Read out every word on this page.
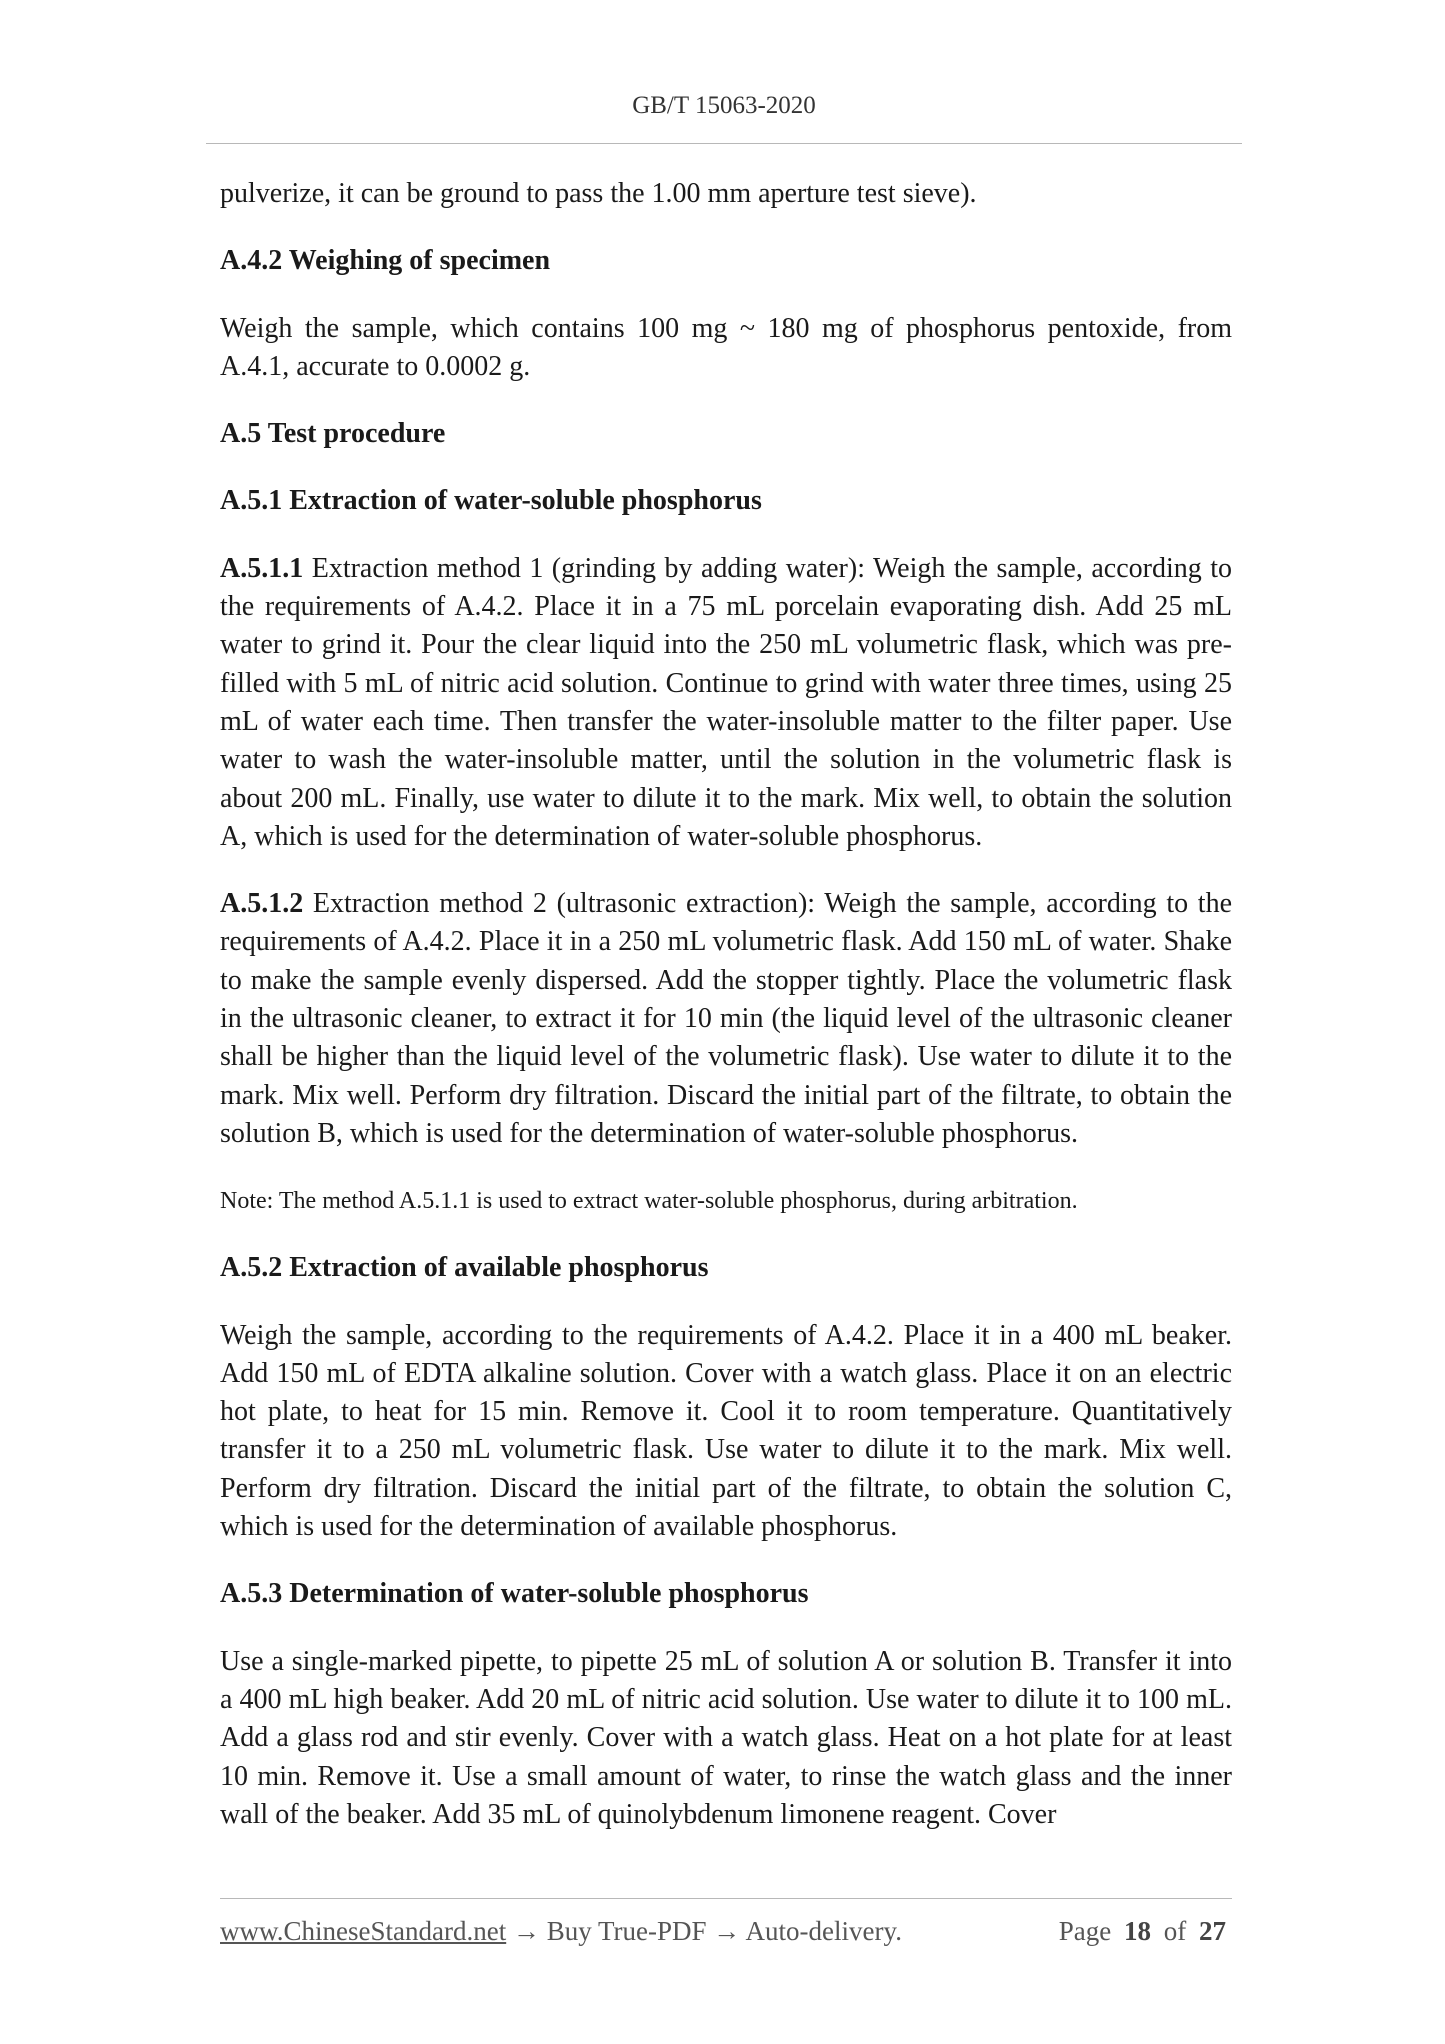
GB/T 15063-2020

pulverize, it can be ground to pass the 1.00 mm aperture test sieve).

A.4.2 Weighing of specimen

Weigh the sample, which contains 100 mg ~ 180 mg of phosphorus pentoxide, from A.4.1, accurate to 0.0002 g.

A.5 Test procedure
A.5.1 Extraction of water-soluble phosphorus

A.5.1.1 Extraction method 1 (grinding by adding water): Weigh the sample, according to the requirements of A.4.2. Place it in a 75 mL porcelain evaporating dish. Add 25 mL water to grind it. Pour the clear liquid into the 250 mL volumetric flask, which was pre-filled with 5 mL of nitric acid solution. Continue to grind with water three times, using 25 mL of water each time. Then transfer the water-insoluble matter to the filter paper. Use water to wash the water-insoluble matter, until the solution in the volumetric flask is about 200 mL. Finally, use water to dilute it to the mark. Mix well, to obtain the solution A, which is used for the determination of water-soluble phosphorus.

A.5.1.2 Extraction method 2 (ultrasonic extraction): Weigh the sample, according to the requirements of A.4.2. Place it in a 250 mL volumetric flask. Add 150 mL of water. Shake to make the sample evenly dispersed. Add the stopper tightly. Place the volumetric flask in the ultrasonic cleaner, to extract it for 10 min (the liquid level of the ultrasonic cleaner shall be higher than the liquid level of the volumetric flask). Use water to dilute it to the mark. Mix well. Perform dry filtration. Discard the initial part of the filtrate, to obtain the solution B, which is used for the determination of water-soluble phosphorus.

Note: The method A.5.1.1 is used to extract water-soluble phosphorus, during arbitration.

A.5.2 Extraction of available phosphorus

Weigh the sample, according to the requirements of A.4.2. Place it in a 400 mL beaker. Add 150 mL of EDTA alkaline solution. Cover with a watch glass. Place it on an electric hot plate, to heat for 15 min. Remove it. Cool it to room temperature. Quantitatively transfer it to a 250 mL volumetric flask. Use water to dilute it to the mark. Mix well. Perform dry filtration. Discard the initial part of the filtrate, to obtain the solution C, which is used for the determination of available phosphorus.

A.5.3 Determination of water-soluble phosphorus

Use a single-marked pipette, to pipette 25 mL of solution A or solution B. Transfer it into a 400 mL high beaker. Add 20 mL of nitric acid solution. Use water to dilute it to 100 mL. Add a glass rod and stir evenly. Cover with a watch glass. Heat on a hot plate for at least 10 min. Remove it. Use a small amount of water, to rinse the watch glass and the inner wall of the beaker. Add 35 mL of quinolybdenum limonene reagent. Cover

www.ChineseStandard.net → Buy True-PDF → Auto-delivery.	Page 18 of 27
